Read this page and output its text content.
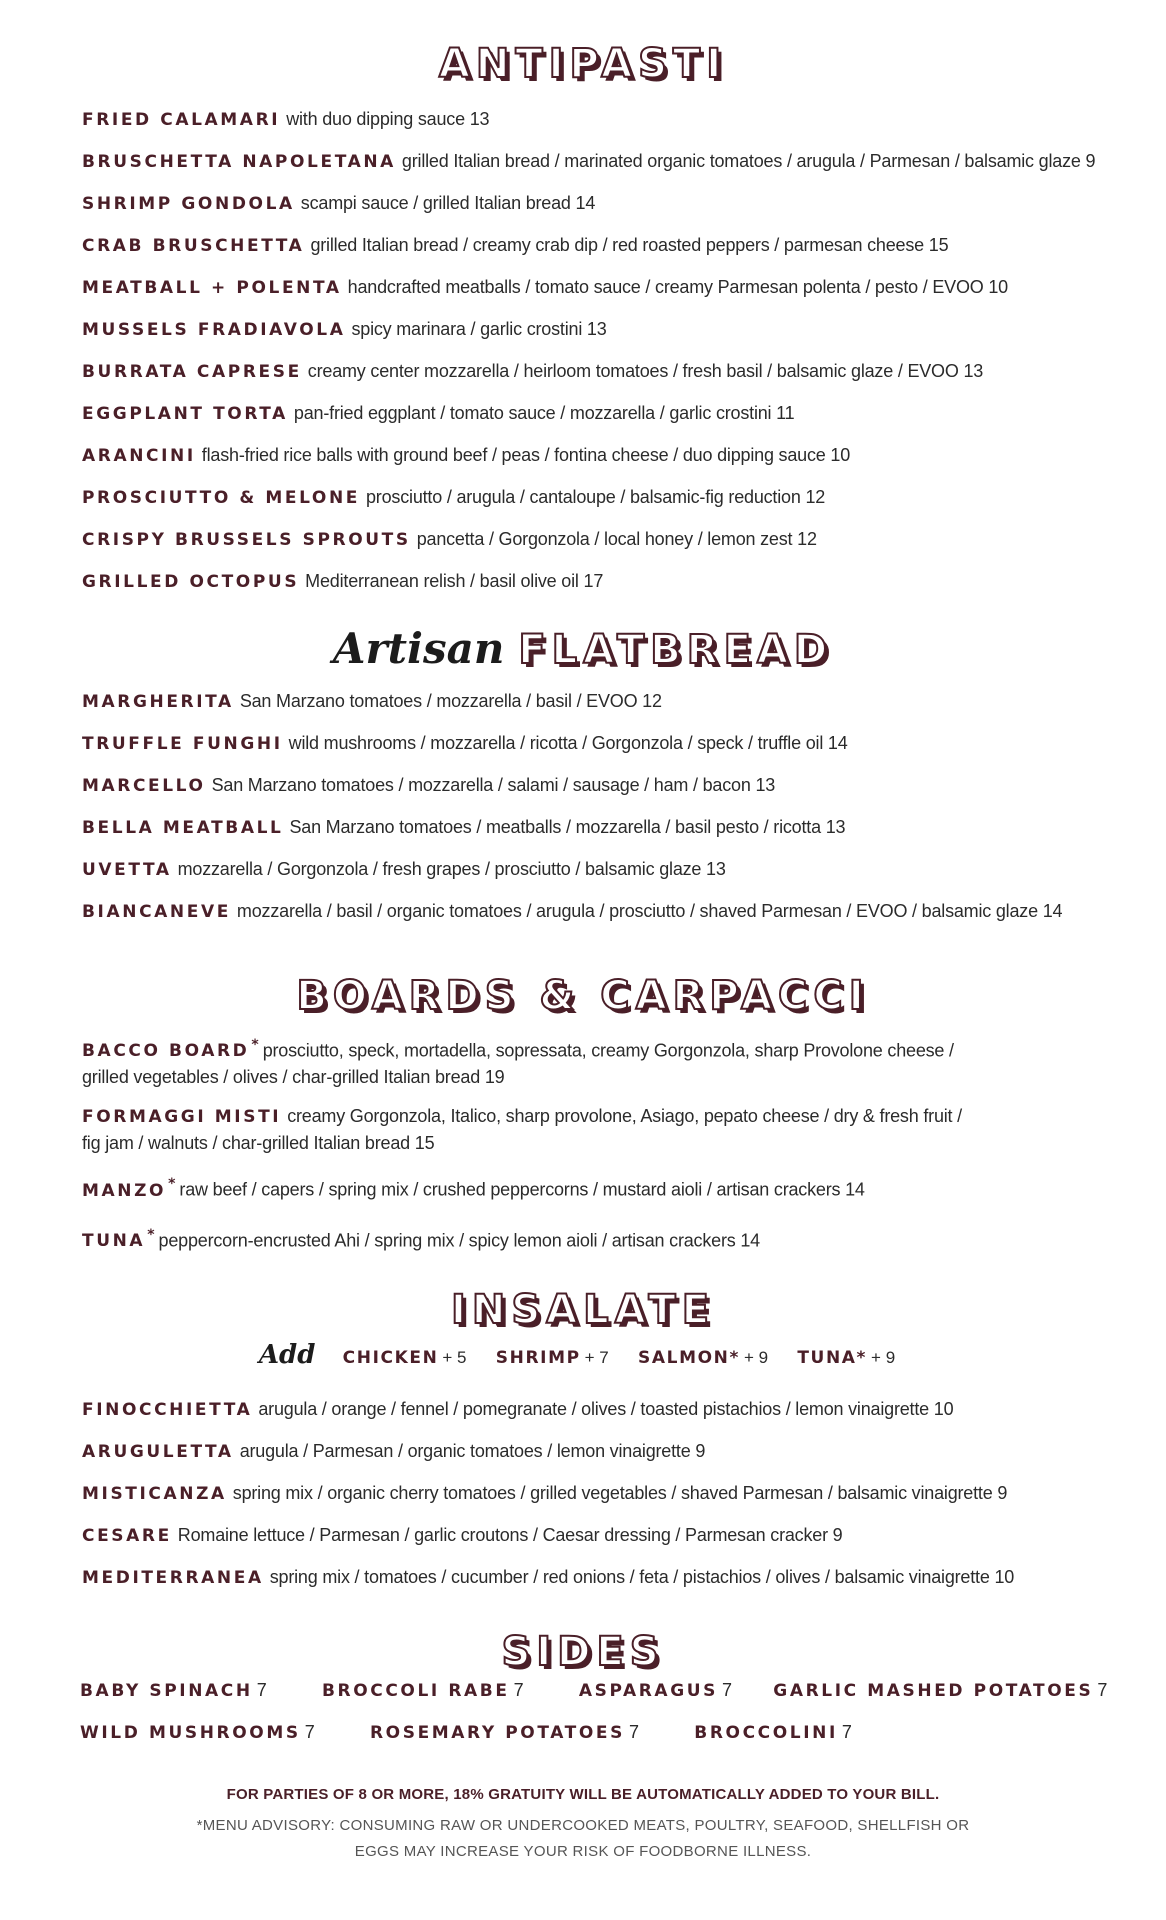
ANTIPASTI
FRIED CALAMARI with duo dipping sauce 13
BRUSCHETTA NAPOLETANA grilled Italian bread / marinated organic tomatoes / arugula / Parmesan / balsamic glaze 9
SHRIMP GONDOLA scampi sauce / grilled Italian bread 14
CRAB BRUSCHETTA grilled Italian bread / creamy crab dip / red roasted peppers / parmesan cheese 15
MEATBALL + POLENTA handcrafted meatballs / tomato sauce / creamy Parmesan polenta / pesto / EVOO 10
MUSSELS FRADIAVOLA spicy marinara / garlic crostini 13
BURRATA CAPRESE creamy center mozzarella / heirloom tomatoes / fresh basil / balsamic glaze / EVOO 13
EGGPLANT TORTA pan-fried eggplant / tomato sauce / mozzarella / garlic crostini 11
ARANCINI flash-fried rice balls with ground beef / peas / fontina cheese / duo dipping sauce 10
PROSCIUTTO & MELONE prosciutto / arugula / cantaloupe / balsamic-fig reduction 12
CRISPY BRUSSELS SPROUTS pancetta / Gorgonzola / local honey / lemon zest 12
GRILLED OCTOPUS Mediterranean relish / basil olive oil 17
Artisan FLATBREAD
MARGHERITA San Marzano tomatoes / mozzarella / basil / EVOO 12
TRUFFLE FUNGHI wild mushrooms / mozzarella / ricotta / Gorgonzola / speck / truffle oil 14
MARCELLO San Marzano tomatoes / mozzarella / salami / sausage / ham / bacon 13
BELLA MEATBALL San Marzano tomatoes / meatballs / mozzarella / basil pesto / ricotta 13
UVETTA mozzarella / Gorgonzola / fresh grapes / prosciutto / balsamic glaze 13
BIANCANEVE mozzarella / basil / organic tomatoes / arugula / prosciutto / shaved Parmesan / EVOO / balsamic glaze 14
BOARDS & CARPACCI
BACCO BOARD * prosciutto, speck, mortadella, sopressata, creamy Gorgonzola, sharp Provolone cheese /
grilled vegetables / olives / char-grilled Italian bread 19
FORMAGGI MISTI creamy Gorgonzola, Italico, sharp provolone, Asiago, pepato cheese / dry & fresh fruit /
fig jam / walnuts / char-grilled Italian bread 15
MANZO * raw beef / capers / spring mix / crushed peppercorns / mustard aioli / artisan crackers 14
TUNA * peppercorn-encrusted Ahi / spring mix / spicy lemon aioli / artisan crackers 14
INSALATE
Add CHICKEN + 5 SHRIMP + 7 SALMON* + 9 TUNA* + 9
FINOCCHIETTA arugula / orange / fennel / pomegranate / olives / toasted pistachios / lemon vinaigrette 10
ARUGULETTA arugula / Parmesan / organic tomatoes / lemon vinaigrette 9
MISTICANZA spring mix / organic cherry tomatoes / grilled vegetables / shaved Parmesan / balsamic vinaigrette 9
CESARE Romaine lettuce / Parmesan / garlic croutons / Caesar dressing / Parmesan cracker 9
MEDITERRANEA spring mix / tomatoes / cucumber / red onions / feta / pistachios / olives / balsamic vinaigrette 10
SIDES
BABY SPINACH 7	BROCCOLI RABE 7	ASPARAGUS 7 GARLIC MASHED POTATOES 7
WILD MUSHROOMS 7	ROSEMARY POTATOES 7	BROCCOLINI 7
FOR PARTIES OF 8 OR MORE, 18% GRATUITY WILL BE AUTOMATICALLY ADDED TO YOUR BILL.
*MENU ADVISORY: CONSUMING RAW OR UNDERCOOKED MEATS, POULTRY, SEAFOOD, SHELLFISH OR
EGGS MAY INCREASE YOUR RISK OF FOODBORNE ILLNESS.
